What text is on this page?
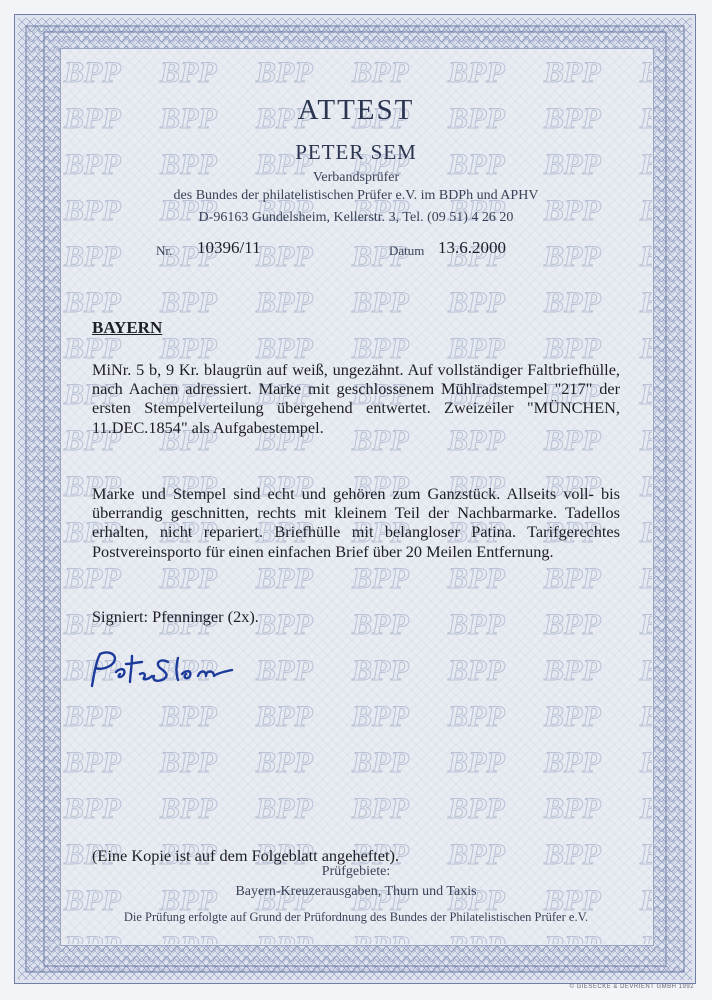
ATTEST
PETER SEM
Verbandsprüfer
des Bundes der philatelistischen Prüfer e.V. im BDPh und APHV
D-96163 Gundelsheim, Kellerstr. 3, Tel. (09 51) 4 26 20
Nr. 10396/11	Datum 13.6.2000
BAYERN
MiNr. 5 b, 9 Kr. blaugrün auf weiß, ungezähnt. Auf vollständiger Faltbriefhülle, nach Aachen adressiert. Marke mit geschlossenem Mühlradstempel "217" der ersten Stempelverteilung übergehend entwertet. Zweizeiler "MÜNCHEN, 11.DEC.1854" als Aufgabestempel.
Marke und Stempel sind echt und gehören zum Ganzstück. Allseits voll- bis überrandig geschnitten, rechts mit kleinem Teil der Nachbarmarke. Tadellos erhalten, nicht repariert. Briefhülle mit belangloser Patina. Tarifgerechtes Postvereinsporto für einen einfachen Brief über 20 Meilen Entfernung.
Signiert: Pfenninger (2x).
(Eine Kopie ist auf dem Folgeblatt angeheftet).
Prüfgebiete:
Bayern-Kreuzerausgaben, Thurn und Taxis
Die Prüfung erfolgte auf Grund der Prüfordnung des Bundes der Philatelistischen Prüfer e.V.
© GIESECKE & DEVRIENT GMBH 1992
